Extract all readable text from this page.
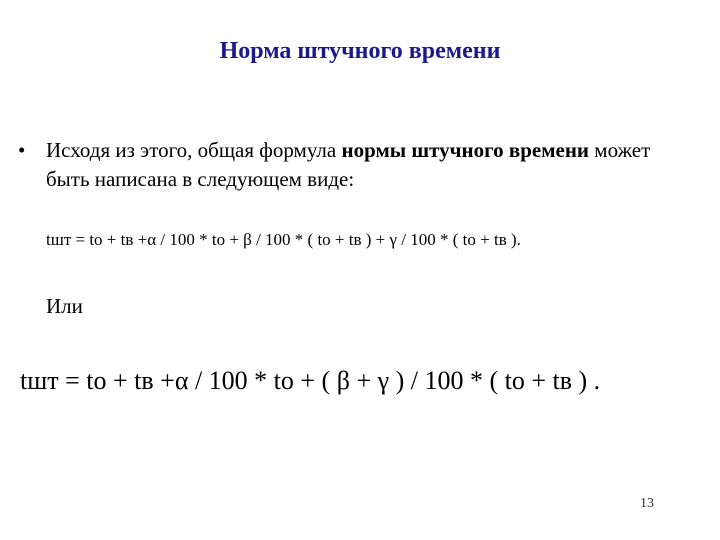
Норма штучного времени
• Исходя из этого, общая формула нормы штучного времени может быть написана в следующем виде:
tшт = to + tв +α / 100 * to + β / 100 * ( to + tв ) + γ / 100 * ( to + tв ).
Или
tшт = to + tв +α / 100 * to + ( β + γ ) / 100 * ( to + tв ) .
13
